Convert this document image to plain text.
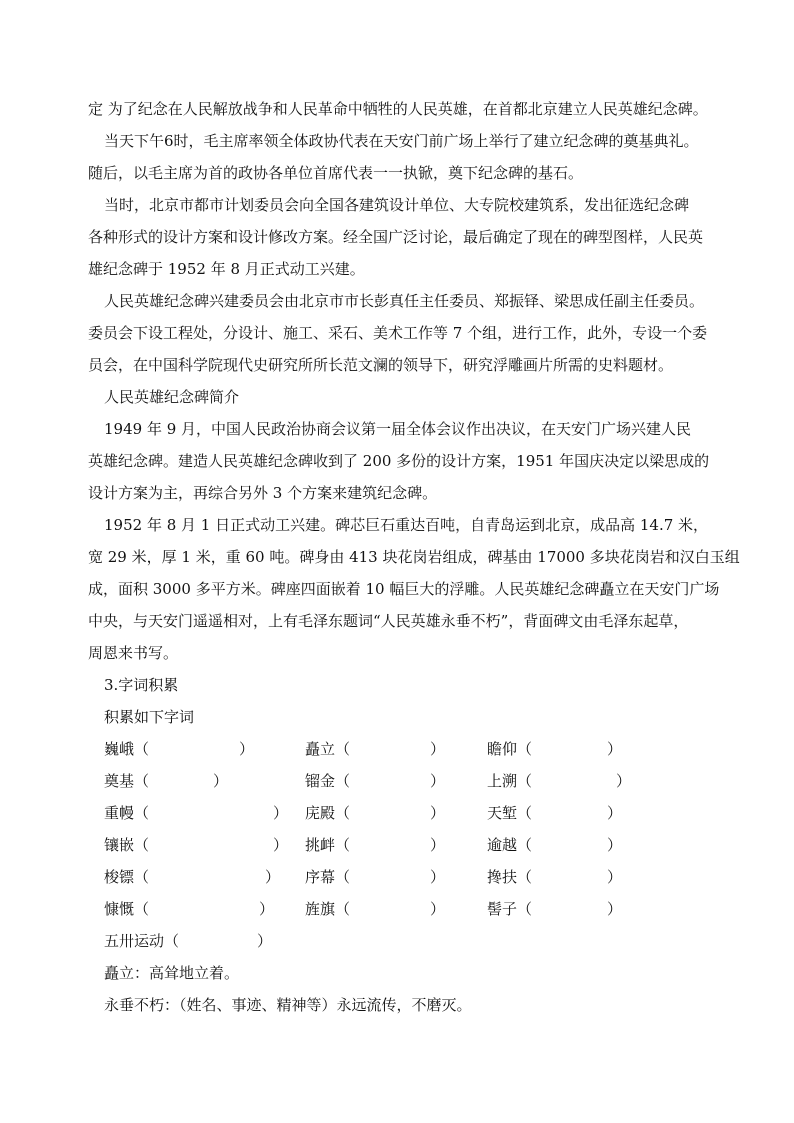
定 为了纪念在人民解放战争和人民革命中牺牲的人民英雄，在首都北京建立人民英雄纪念碑。
当天下午6时，毛主席率领全体政协代表在天安门前广场上举行了建立纪念碑的奠基典礼。
随后，以毛主席为首的政协各单位首席代表一一执锨，奠下纪念碑的基石。
当时，北京市都市计划委员会向全国各建筑设计单位、大专院校建筑系，发出征选纪念碑
各种形式的设计方案和设计修改方案。经全国广泛讨论，最后确定了现在的碑型图样，人民英
雄纪念碑于 1952 年 8 月正式动工兴建。
人民英雄纪念碑兴建委员会由北京市市长彭真任主任委员、郑振铎、梁思成任副主任委员。
委员会下设工程处，分设计、施工、采石、美术工作等 7 个组，进行工作，此外，专设一个委
员会，在中国科学院现代史研究所所长范文澜的领导下，研究浮雕画片所需的史料题材。
人民英雄纪念碑简介
1949 年 9 月，中国人民政治协商会议第一届全体会议作出决议，在天安门广场兴建人民
英雄纪念碑。建造人民英雄纪念碑收到了 200 多份的设计方案，1951 年国庆决定以梁思成的
设计方案为主，再综合另外 3 个方案来建筑纪念碑。
1952 年 8 月 1 日正式动工兴建。碑芯巨石重达百吨，自青岛运到北京，成品高 14.7 米，
宽 29 米，厚 1 米，重 60 吨。碑身由 413 块花岗岩组成，碑基由 17000 多块花岗岩和汉白玉组
成，面积 3000 多平方米。碑座四面嵌着 10 幅巨大的浮雕。人民英雄纪念碑矗立在天安门广场
中央，与天安门遥遥相对，上有毛泽东题词“人民英雄永垂不朽”，背面碑文由毛泽东起草，
周恩来书写。
3.字词积累
积累如下字词
巍峨（	）	矗立（	）	瞻仰（	）
奠基（	）	镏金（	）	上溯（	）
重幔（	） 庑殿（	）	天堑（	）
镶嵌（	） 挑衅（	）	逾越（	）
梭镖（	） 序幕（	）	搀扶（	）
慷慨（	） 旌旗（	）	髻子（	）
五卅运动（	）
矗立：高耸地立着。
永垂不朽：（姓名、事迹、精神等）永远流传，不磨灭。
